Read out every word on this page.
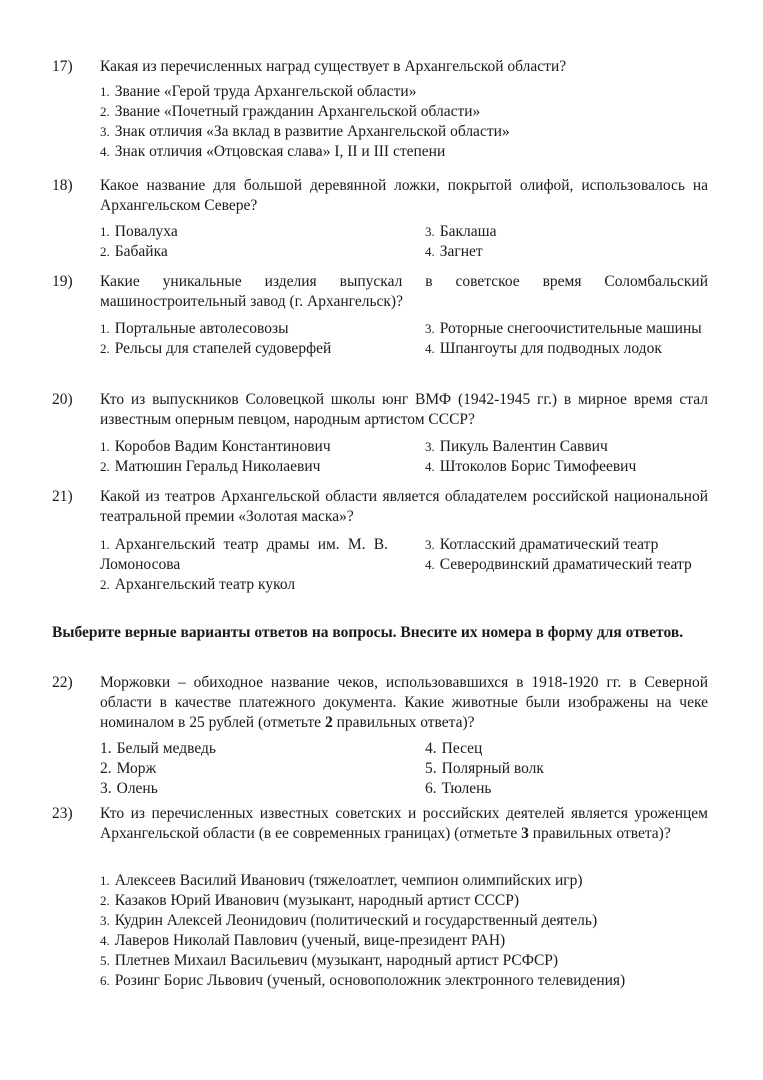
17) Какая из перечисленных наград существует в Архангельской области?
1. Звание «Герой труда Архангельской области»
2. Звание «Почетный гражданин Архангельской области»
3. Знак отличия «За вклад в развитие Архангельской области»
4. Знак отличия «Отцовская слава» I, II и III степени
18) Какое название для большой деревянной ложки, покрытой олифой, использовалось на Архангельском Севере?
1. Повалуха
2. Бабайка
3. Баклаша
4. Загнет
19) Какие уникальные изделия выпускал в советское время Соломбальский машиностроительный завод (г. Архангельск)?
1. Портальные автолесовозы
2. Рельсы для стапелей судоверфей
3. Роторные снегоочистительные машины
4. Шпангоуты для подводных лодок
20) Кто из выпускников Соловецкой школы юнг ВМФ (1942-1945 гг.) в мирное время стал известным оперным певцом, народным артистом СССР?
1. Коробов Вадим Константинович
2. Матюшин Геральд Николаевич
3. Пикуль Валентин Саввич
4. Штоколов Борис Тимофеевич
21) Какой из театров Архангельской области является обладателем российской национальной театральной премии «Золотая маска»?
1. Архангельский театр драмы им. М. В. Ломоносова
2. Архангельский театр кукол
3. Котласский драматический театр
4. Северодвинский драматический театр
Выберите верные варианты ответов на вопросы. Внесите их номера в форму для ответов.
22) Моржовки – обиходное название чеков, использовавшихся в 1918-1920 гг. в Северной области в качестве платежного документа. Какие животные были изображены на чеке номиналом в 25 рублей (отметьте 2 правильных ответа)?
1. Белый медведь
2. Морж
3. Олень
4. Песец
5. Полярный волк
6. Тюлень
23) Кто из перечисленных известных советских и российских деятелей является уроженцем Архангельской области (в ее современных границах) (отметьте 3 правильных ответа)?
1. Алексеев Василий Иванович (тяжелоатлет, чемпион олимпийских игр)
2. Казаков Юрий Иванович (музыкант, народный артист СССР)
3. Кудрин Алексей Леонидович (политический и государственный деятель)
4. Лаверов Николай Павлович (ученый, вице-президент РАН)
5. Плетнев Михаил Васильевич (музыкант, народный артист РСФСР)
6. Розинг Борис Львович (ученый, основоположник электронного телевидения)
